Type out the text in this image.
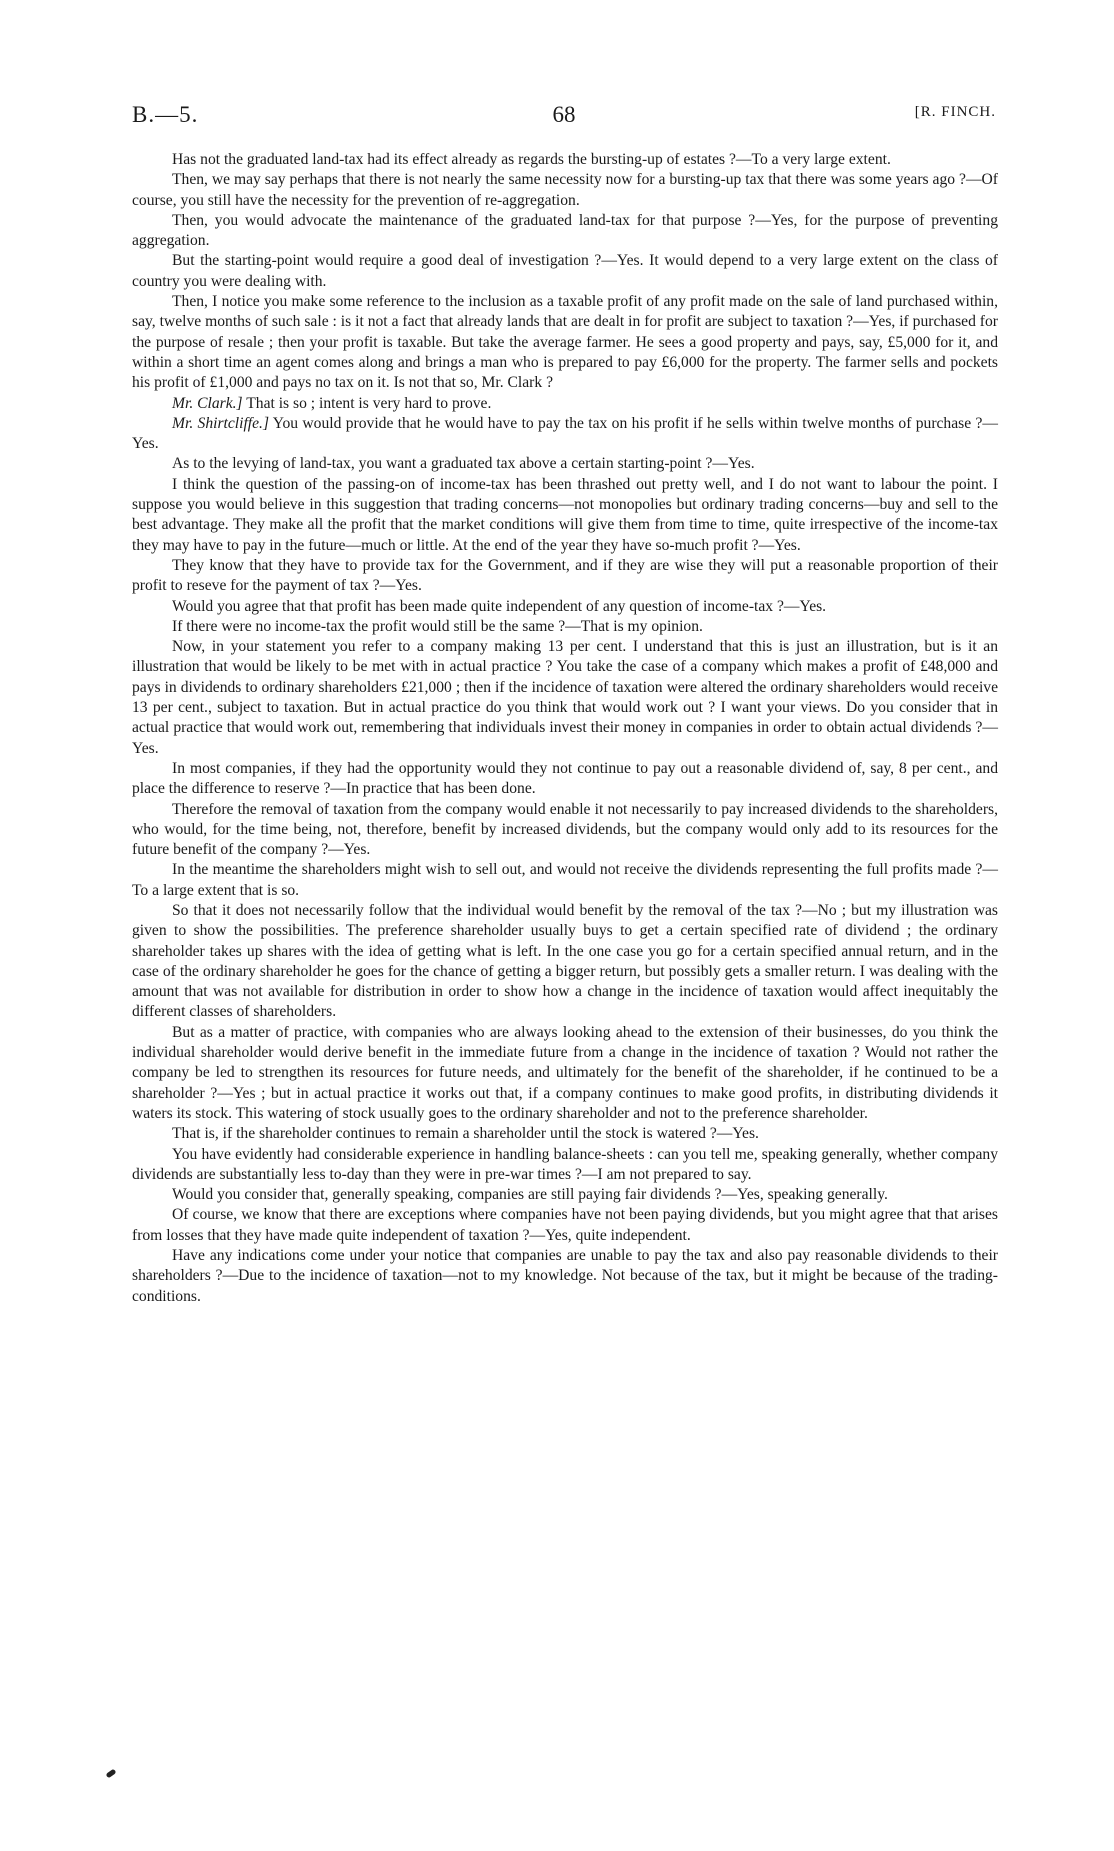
B.—5.	68	[R. FINCH.

Has not the graduated land-tax had its effect already as regards the bursting-up of estates ?—To a very large extent.

Then, we may say perhaps that there is not nearly the same necessity now for a bursting-up tax that there was some years ago ?—Of course, you still have the necessity for the prevention of re-aggregation.

Then, you would advocate the maintenance of the graduated land-tax for that purpose ?—Yes, for the purpose of preventing aggregation.

But the starting-point would require a good deal of investigation ?—Yes. It would depend to a very large extent on the class of country you were dealing with.

Then, I notice you make some reference to the inclusion as a taxable profit of any profit made on the sale of land purchased within, say, twelve months of such sale : is it not a fact that already lands that are dealt in for profit are subject to taxation ?—Yes, if purchased for the purpose of resale ; then your profit is taxable. But take the average farmer. He sees a good property and pays, say, £5,000 for it, and within a short time an agent comes along and brings a man who is prepared to pay £6,000 for the property. The farmer sells and pockets his profit of £1,000 and pays no tax on it. Is not that so, Mr. Clark ?

Mr. Clark.] That is so ; intent is very hard to prove.

Mr. Shirtcliffe.] You would provide that he would have to pay the tax on his profit if he sells within twelve months of purchase ?—Yes.

As to the levying of land-tax, you want a graduated tax above a certain starting-point ?—Yes.

I think the question of the passing-on of income-tax has been thrashed out pretty well, and I do not want to labour the point. I suppose you would believe in this suggestion that trading concerns—not monopolies but ordinary trading concerns—buy and sell to the best advantage. They make all the profit that the market conditions will give them from time to time, quite irrespective of the income-tax they may have to pay in the future—much or little. At the end of the year they have so-much profit ?—Yes.

They know that they have to provide tax for the Government, and if they are wise they will put a reasonable proportion of their profit to reseve for the payment of tax ?—Yes.

Would you agree that that profit has been made quite independent of any question of income-tax ?—Yes.

If there were no income-tax the profit would still be the same ?—That is my opinion.

Now, in your statement you refer to a company making 13 per cent. I understand that this is just an illustration, but is it an illustration that would be likely to be met with in actual practice ? You take the case of a company which makes a profit of £48,000 and pays in dividends to ordinary shareholders £21,000 ; then if the incidence of taxation were altered the ordinary shareholders would receive 13 per cent., subject to taxation. But in actual practice do you think that would work out ? I want your views. Do you consider that in actual practice that would work out, remembering that individuals invest their money in companies in order to obtain actual dividends ?—Yes.

In most companies, if they had the opportunity would they not continue to pay out a reasonable dividend of, say, 8 per cent., and place the difference to reserve ?—In practice that has been done.

Therefore the removal of taxation from the company would enable it not necessarily to pay increased dividends to the shareholders, who would, for the time being, not, therefore, benefit by increased dividends, but the company would only add to its resources for the future benefit of the company ?—Yes.

In the meantime the shareholders might wish to sell out, and would not receive the dividends representing the full profits made ?—To a large extent that is so.

So that it does not necessarily follow that the individual would benefit by the removal of the tax ?—No ; but my illustration was given to show the possibilities. The preference shareholder usually buys to get a certain specified rate of dividend ; the ordinary shareholder takes up shares with the idea of getting what is left. In the one case you go for a certain specified annual return, and in the case of the ordinary shareholder he goes for the chance of getting a bigger return, but possibly gets a smaller return. I was dealing with the amount that was not available for distribution in order to show how a change in the incidence of taxation would affect inequitably the different classes of shareholders.

But as a matter of practice, with companies who are always looking ahead to the extension of their businesses, do you think the individual shareholder would derive benefit in the immediate future from a change in the incidence of taxation ? Would not rather the company be led to strengthen its resources for future needs, and ultimately for the benefit of the shareholder, if he continued to be a shareholder ?—Yes ; but in actual practice it works out that, if a company continues to make good profits, in distributing dividends it waters its stock. This watering of stock usually goes to the ordinary shareholder and not to the preference shareholder.

That is, if the shareholder continues to remain a shareholder until the stock is watered ?—Yes.

You have evidently had considerable experience in handling balance-sheets : can you tell me, speaking generally, whether company dividends are substantially less to-day than they were in pre-war times ?—I am not prepared to say.

Would you consider that, generally speaking, companies are still paying fair dividends ?—Yes, speaking generally.

Of course, we know that there are exceptions where companies have not been paying dividends, but you might agree that that arises from losses that they have made quite independent of taxation ?—Yes, quite independent.

Have any indications come under your notice that companies are unable to pay the tax and also pay reasonable dividends to their shareholders ?—Due to the incidence of taxation—not to my knowledge. Not because of the tax, but it might be because of the trading-conditions.
